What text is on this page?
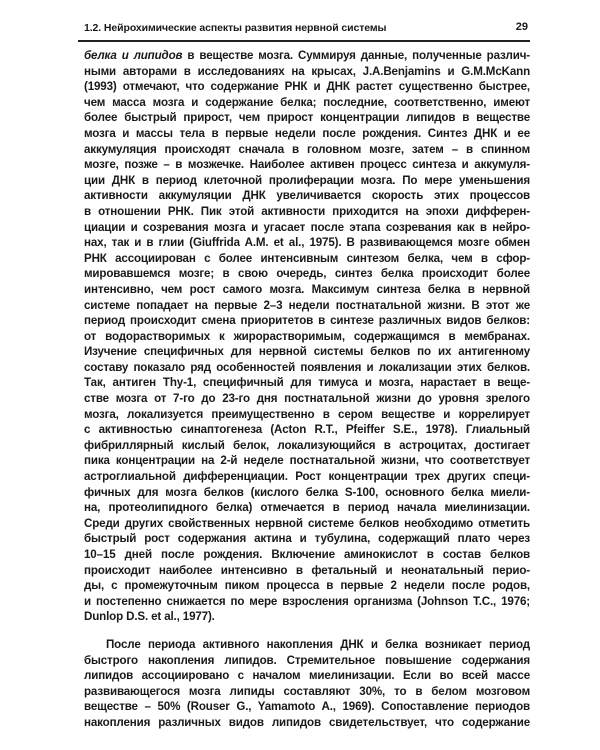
1.2. Нейрохимические аспекты развития нервной системы	29
белка и липидов в веществе мозга. Суммируя данные, полученные различ-
ными авторами в исследованиях на крысах, J.A.Benjamins и G.M.McKann
(1993) отмечают, что содержание РНК и ДНК растет существенно быстрее,
чем масса мозга и содержание белка; последние, соответственно, имеют
более быстрый прирост, чем прирост концентрации липидов в веществе
мозга и массы тела в первые недели после рождения. Синтез ДНК и ее
аккумуляция происходят сначала в головном мозге, затем – в спинном
мозге, позже – в мозжечке. Наиболее активен процесс синтеза и аккумуля-
ции ДНК в период клеточной пролиферации мозга. По мере уменьшения
активности аккумуляции ДНК увеличивается скорость этих процессов
в отношении РНК. Пик этой активности приходится на эпохи дифферен-
циации и созревания мозга и угасает после этапа созревания как в нейро-
нах, так и в глии (Giuffrida A.M. et al., 1975). В развивающемся мозге обмен
РНК ассоциирован с более интенсивным синтезом белка, чем в сфор-
мировавшемся мозге; в свою очередь, синтез белка происходит более
интенсивно, чем рост самого мозга. Максимум синтеза белка в нервной
системе попадает на первые 2–3 недели постнатальной жизни. В этот же
период происходит смена приоритетов в синтезе различных видов белков:
от водорастворимых к жирорастворимым, содержащимся в мембранах.
Изучение специфичных для нервной системы белков по их антигенному
составу показало ряд особенностей появления и локализации этих белков.
Так, антиген Thy-1, специфичный для тимуса и мозга, нарастает в веще-
стве мозга от 7-го до 23-го дня постнатальной жизни до уровня зрелого
мозга, локализуется преимущественно в сером веществе и коррелирует
с активностью синаптогенеза (Acton R.T., Pfeiffer S.E., 1978). Глиальный
фибриллярный кислый белок, локализующийся в астроцитах, достигает
пика концентрации на 2-й неделе постнатальной жизни, что соответствует
астроглиальной дифференциации. Рост концентрации трех других специ-
фичных для мозга белков (кислого белка S-100, основного белка миели-
на, протеолипидного белка) отмечается в период начала миелинизации.
Среди других свойственных нервной системе белков необходимо отметить
быстрый рост содержания актина и тубулина, содержащий плато через
10–15 дней после рождения. Включение аминокислот в состав белков
происходит наиболее интенсивно в фетальный и неонатальный перио-
ды, с промежуточным пиком процесса в первые 2 недели после родов,
и постепенно снижается по мере взросления организма (Johnson T.C., 1976;
Dunlop D.S. et al., 1977).
После периода активного накопления ДНК и белка возникает период
быстрого накопления липидов. Стремительное повышение содержания
липидов ассоциировано с началом миелинизации. Если во всей массе
развивающегося мозга липиды составляют 30%, то в белом мозговом
веществе – 50% (Rouser G., Yamamoto A., 1969). Сопоставление периодов
накопления различных видов липидов свидетельствует, что содержание
